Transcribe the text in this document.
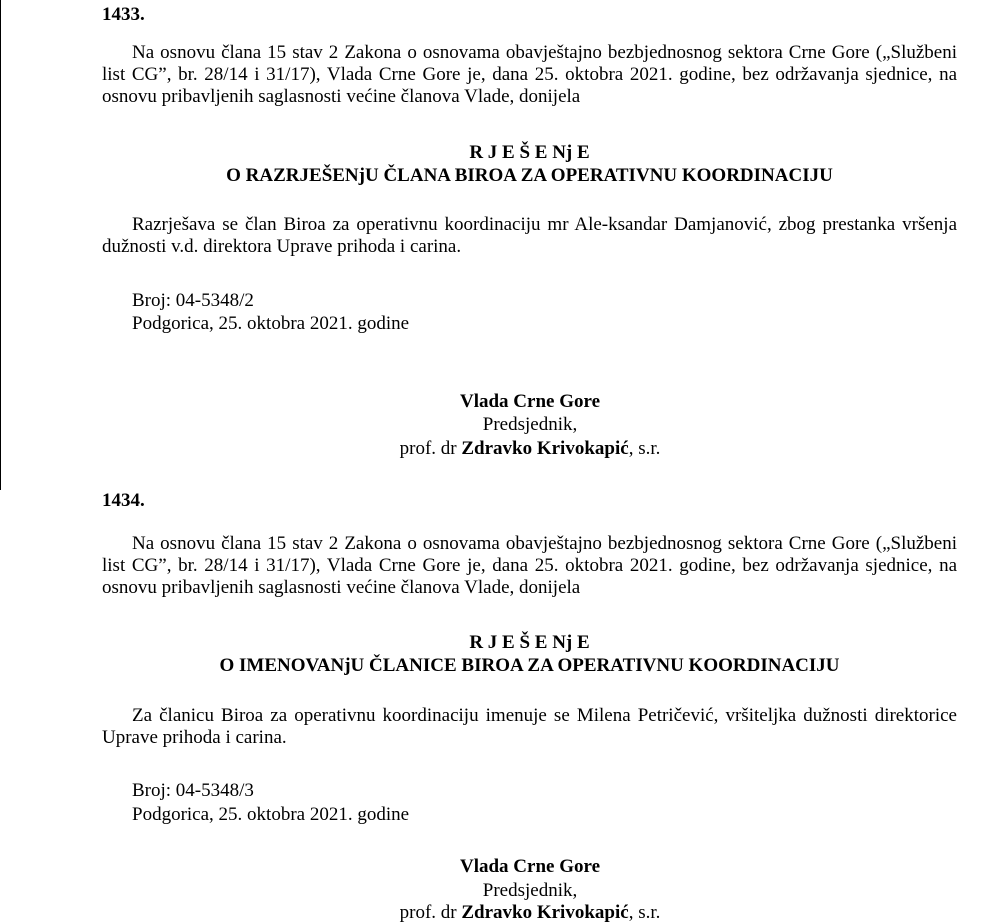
1433.
Na osnovu člana 15 stav 2 Zakona o osnovama obavještajno bezbjednosnog sektora Crne Gore („Službeni list CG”, br. 28/14 i 31/17), Vlada Crne Gore je, dana 25. oktobra 2021. godine, bez održavanja sjednice, na osnovu pribavljenih saglasnosti većine članova Vlade, donijela
R J E Š E Nj E
O RAZRJEŠENjU ČLANA BIROA ZA OPERATIVNU KOORDINACIJU
Razrješava se član Biroa za operativnu koordinaciju mr Ale-ksandar Damjanović, zbog prestanka vršenja dužnosti v.d. direktora Uprave prihoda i carina.
Broj: 04-5348/2
Podgorica, 25. oktobra 2021. godine
Vlada Crne Gore
Predsjednik,
prof. dr Zdravko Krivokapić, s.r.
1434.
Na osnovu člana 15 stav 2 Zakona o osnovama obavještajno bezbjednosnog sektora Crne Gore („Službeni list CG”, br. 28/14 i 31/17), Vlada Crne Gore je, dana 25. oktobra 2021. godine, bez održavanja sjednice, na osnovu pribavljenih saglasnosti većine članova Vlade, donijela
R J E Š E Nj E
O IMENOVANjU ČLANICE BIROA ZA OPERATIVNU KOORDINACIJU
Za članicu Biroa za operativnu koordinaciju imenuje se Milena Petričević, vršiteljka dužnosti direktorice Uprave prihoda i carina.
Broj: 04-5348/3
Podgorica, 25. oktobra 2021. godine
Vlada Crne Gore
Predsjednik,
prof. dr Zdravko Krivokapić, s.r.
